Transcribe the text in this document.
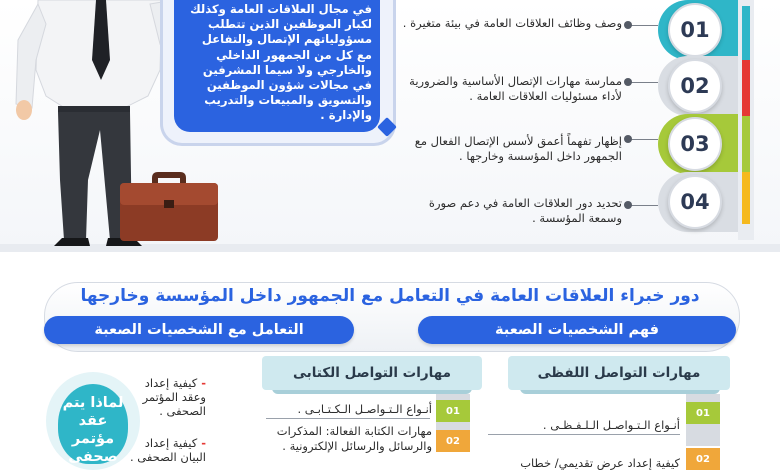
في مجال العلاقات العامة وكذلك
لكبار الموظفين الذين تتطلب
مسؤولياتهم الإتصال والتفاعل
مع كل من الجمهور الداخلي
والخارجي ولا سيما المشرفين
في مجالات شؤون الموظفين
والتسويق والمبيعات والتدريب
والإدارة .
01
وصف وظائف العلاقات العامة في بيئة متغيرة .
02
ممارسة مهارات الإتصال الأساسية والضرورية لأداء مسئوليات العلاقات العامة .
03
إظهار تفهماً أعمق لأسس الإتصال الفعال مع الجمهور داخل المؤسسة وخارجها .
04
تحديد دور العلاقات العامة في دعم صورة وسمعة المؤسسة .
دور خبراء العلاقات العامة في التعامل مع الجمهور داخل المؤسسة وخارجها
فهم الشخصيات الصعبة
التعامل مع الشخصيات الصعبة
مهارات التواصل اللفظى
01
02
أنـواع الـتـواصـل الـلـفـظـى .
كيفية إعداد عرض تقديمي/ خطاب
مهارات التواصل الكتابى
01
02
أنـواع الـتـواصـل الـكـتـابـى .
مهارات الكتابة الفعالة: المذكرات والرسائل والرسائل الإلكترونية .
لماذا يتم عقد مؤتمر صحفى
- كيفية إعداد وعقد المؤتمر الصحفى .
- كيفية إعداد البيان الصحفى .
